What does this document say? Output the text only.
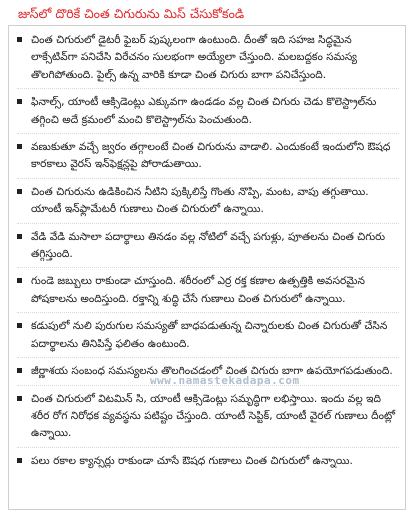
జుస్‌లో దొరికే చింత చిగురును మిస్ చేసుకోకండి
చింత చిగురులో డైటరీ ఫైబర్ పుష్కలంగా ఉంటుంది. దీంతో ఇది సహజ సిద్ధమైన లాక్సేటివ్‌గా పనిచేసి విరేచనం సులభంగా అయ్యేలా చేస్తుంది. మలబద్దకం సమస్య తొలగిపోతుంది. పైల్స్ ఉన్న వారికి కూడా చింత చిగురు బాగా పనిచేస్తుంది.
ఫినాల్స్, యాంటీ ఆక్సిడెంట్లు ఎక్కువగా ఉండడం వల్ల చింత చిగురు చెడు కొలెస్ట్రాల్‌ను తగ్గించి అదే క్రమంలో మంచి కొలెస్ట్రాల్‌ను పెంచుతుంది.
వణుకుతూ వచ్చే జ్వరం తగ్గాలంటే చింత చిగురును వాడాలి. ఎందుకంటే ఇందులోని ఔషధ కారకాలు వైరస్ ఇన్‌ఫెక్షన్లపై పోరాడుతాయి.
చింత చిగురును ఉడికించిన నీటిని పుక్కిలిస్తే గొంతు నొప్పి, మంట, వాపు తగ్గుతాయి. యాంటీ ఇన్‌ఫ్లామేటరీ గుణాలు చింత చిగురులో ఉన్నాయి.
వేడి వేడి మసాలా పదార్థాలు తినడం వల్ల నోటిలో వచ్చే పగుళ్లు, పూతలను చింత చిగురు తగ్గిస్తుంది.
గుండె జబ్బులు రాకుండా చూస్తుంది. శరీరంలో ఎర్ర రక్త కణాల ఉత్పత్తికి అవసరమైన పోషకాలను అందిస్తుంది. రక్తాన్ని శుద్ధి చేసే గుణాలు చింత చిగురులో ఉన్నాయి.
కడుపులో నులి పురుగుల సమస్యతో బాధపడుతున్న చిన్నారులకు చింత చిగురుతో చేసిన పదార్థాలను తినిపిస్తే ఫలితం ఉంటుంది.
జీర్ణాశయ సంబంధ సమస్యలను తొలగించడంలో చింత చిగురు బాగా ఉపయోగపడుతుంది.
చింత చిగురులో విటమిన్ సి, యాంటీ ఆక్సిడెంట్లు సమృద్ధిగా లభిస్తాయి. ఇందు వల్ల ఇది శరీర రోగ నిరోధక వ్యవస్థను పటిష్టం చేస్తుంది. యాంటీ సెప్టిక్, యాంటీ వైరల్ గుణాలు దీంట్లో ఉన్నాయి.
పలు రకాల క్యాన్సర్లు రాకుండా చూసే ఔషధ గుణాలు చింత చిగురులో ఉన్నాయి.
www.namastekadapa.com
